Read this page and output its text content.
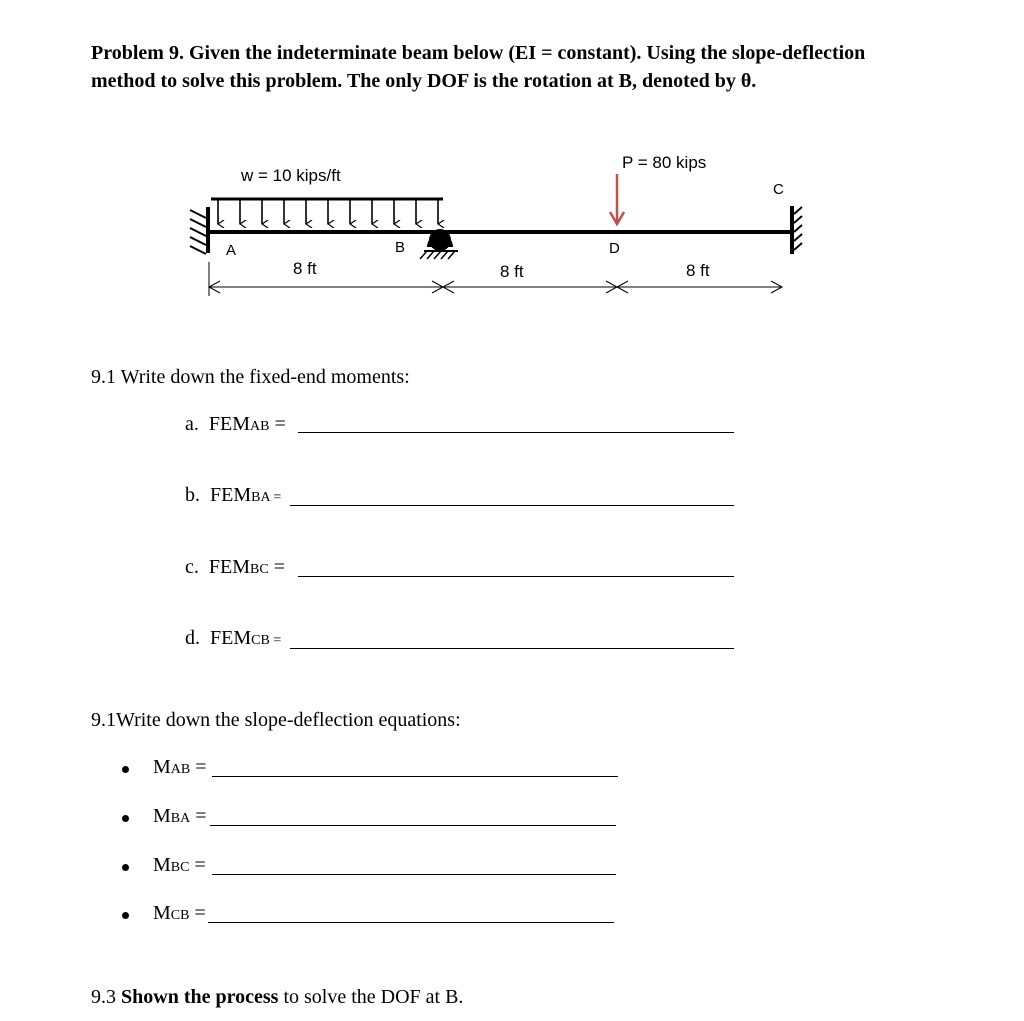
Problem 9. Given the indeterminate beam below (EI = constant). Using the slope-deflection
method to solve this problem. The only DOF is the rotation at B, denoted by θ.
w = 10 kips/ft
P = 80 kips
A	B	D
C
8 ft	8 ft	8 ft
9.1 Write down the fixed-end moments:
a. FEMAB =
b. FEMBA =
c. FEMBC =
d. FEMCB =
9.1Write down the slope-deflection equations:
MAB =
MBA =
MBC =
MCB =
9.3 Shown the process to solve the DOF at B.
